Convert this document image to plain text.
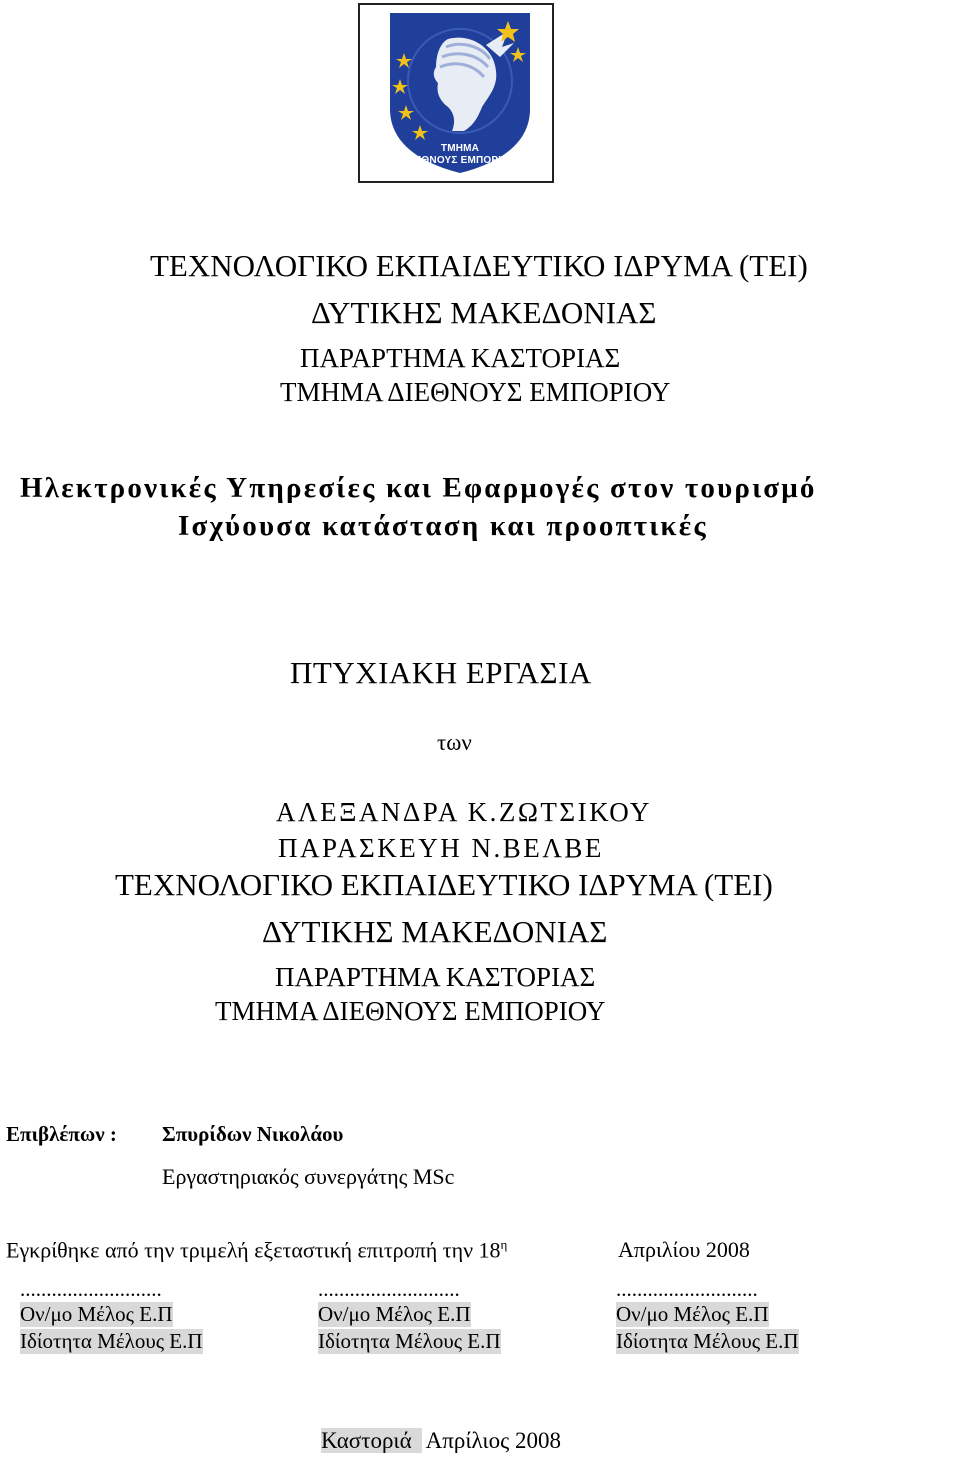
ΤΜΗΜΑ
ΔΙΕΘΝΟΥΣ ΕΜΠΟΡΙΟΥ
ΤΕΧΝΟΛΟΓΙΚΟ ΕΚΠΑΙΔΕΥΤΙΚΟ ΙΔΡΥΜΑ (ΤΕΙ)
ΔΥΤΙΚΗΣ ΜΑΚΕΔΟΝΙΑΣ
ΠΑΡΑΡΤΗΜΑ ΚΑΣΤΟΡΙΑΣ
ΤΜΗΜΑ ΔΙΕΘΝΟΥΣ ΕΜΠΟΡΙΟΥ
Ηλεκτρονικές Υπηρεσίες και Εφαρμογές στον τουρισμό
Ισχύουσα κατάσταση και προοπτικές
ΠΤΥΧΙΑΚΗ ΕΡΓΑΣΙΑ
των
ΑΛΕΞΑΝΔΡΑ Κ.ΖΩΤΣΙΚΟΥ
ΠΑΡΑΣΚΕΥΗ Ν.ΒΕΛΒΕ
ΤΕΧΝΟΛΟΓΙΚΟ ΕΚΠΑΙΔΕΥΤΙΚΟ ΙΔΡΥΜΑ (ΤΕΙ)
ΔΥΤΙΚΗΣ ΜΑΚΕΔΟΝΙΑΣ
ΠΑΡΑΡΤΗΜΑ ΚΑΣΤΟΡΙΑΣ
ΤΜΗΜΑ ΔΙΕΘΝΟΥΣ ΕΜΠΟΡΙΟΥ
Επιβλέπων : Σπυρίδων Νικολάου
Εργαστηριακός συνεργάτης MSc
Εγκρίθηκε από την τριμελή εξεταστική επιτροπή την $18^\eta$	Απριλίου 2008
...........................
Ον/μο Μέλος Ε.Π
Ιδίοτητα Μέλους Ε.Π
...........................
Ον/μο Μέλος Ε.Π
Ιδίοτητα Μέλους Ε.Π
...........................
Ον/μο Μέλος Ε.Π
Ιδίοτητα Μέλους Ε.Π
Καστοριά Απρίλιος 2008
